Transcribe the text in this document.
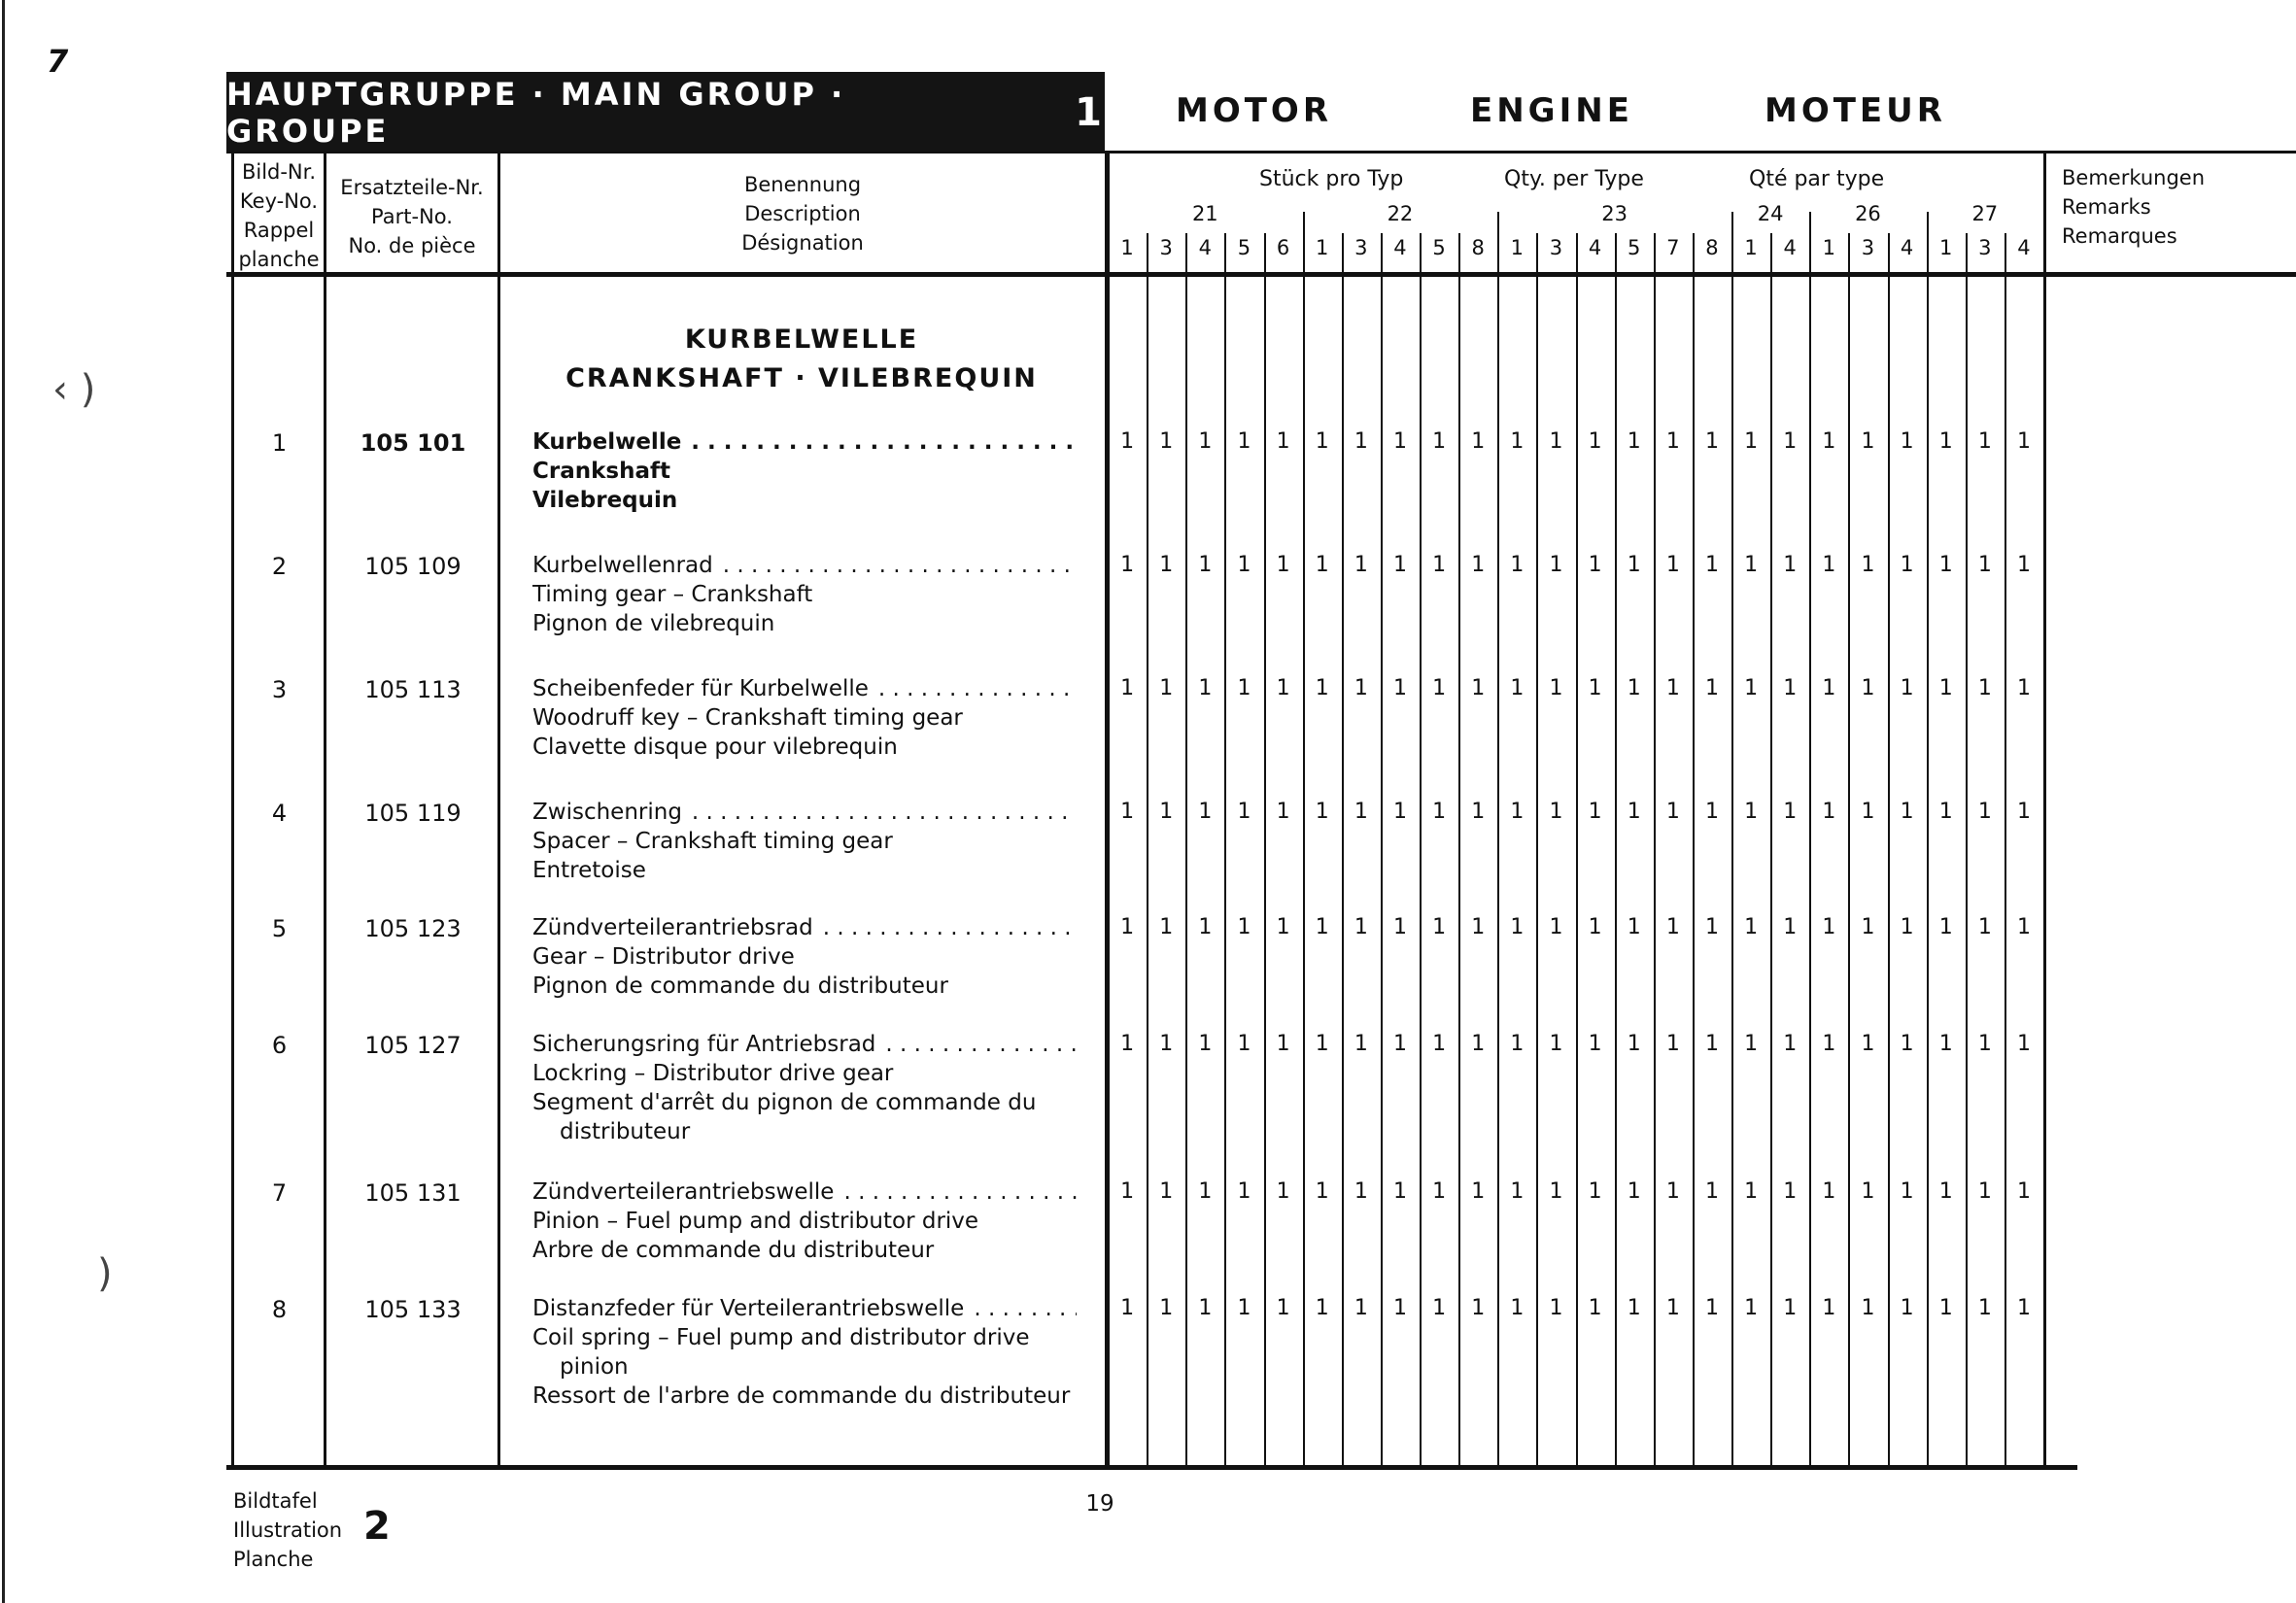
7
‹ )
)
HAUPTGRUPPE · MAIN GROUP · GROUPE	1 MOTOR	ENGINE	MOTEUR
Bild-Nr.
Key-No.
Rappel
planche
Ersatzteile-Nr.
Part-No.
No. de pièce
Benennung
Description
Désignation
Bemerkungen
Remarks
Remarques
Stück pro Typ	Qty. per Type	Qté par type
1	3	4	5	6
21
1	3	4	5	8
22
1	3	4	5	7	8
23
1	4
24
1	3	4
26
1	3	4
27
KURBELWELLE
CRANKSHAFT · VILEBREQUIN
1	105 101	Kurbelwelle
. . .
Crankshaft
Vilebrequin
1	1	1	1	1	1	1	1	1	1	1	1	1	1	1	1	1	1	1	1	1	1	1	1
2	105 109	Kurbelwellenrad
. . .
Timing gear – Crankshaft
Pignon de vilebrequin
1	1	1	1	1	1	1	1	1	1	1	1	1	1	1	1	1	1	1	1	1	1	1	1
3	105 113	Scheibenfeder für Kurbelwelle
. . .
Woodruff key – Crankshaft timing gear
Clavette disque pour vilebrequin
1	1	1	1	1	1	1	1	1	1	1	1	1	1	1	1	1	1	1	1	1	1	1	1
4	105 119	Zwischenring
. . .
Spacer – Crankshaft timing gear
Entretoise
1	1	1	1	1	1	1	1	1	1	1	1	1	1	1	1	1	1	1	1	1	1	1	1
5	105 123	Zündverteilerantriebsrad
. . .
Gear – Distributor drive
Pignon de commande du distributeur
1	1	1	1	1	1	1	1	1	1	1	1	1	1	1	1	1	1	1	1	1	1	1	1
6	105 127	Sicherungsring für Antriebsrad
. . .
Lockring – Distributor drive gear
Segment d'arrêt du pignon de commande du
distributeur
1	1	1	1	1	1	1	1	1	1	1	1	1	1	1	1	1	1	1	1	1	1	1	1
7	105 131	Zündverteilerantriebswelle
. . .
Pinion – Fuel pump and distributor drive
Arbre de commande du distributeur
1	1	1	1	1	1	1	1	1	1	1	1	1	1	1	1	1	1	1	1	1	1	1	1
8	105 133	Distanzfeder für Verteilerantriebswelle
. . .
Coil spring – Fuel pump and distributor drive
pinion
Ressort de l'arbre de commande du distributeur
1	1	1	1	1	1	1	1	1	1	1	1	1	1	1	1	1	1	1	1	1	1	1	1
Bildtafel
Illustration
Planche
2	19
